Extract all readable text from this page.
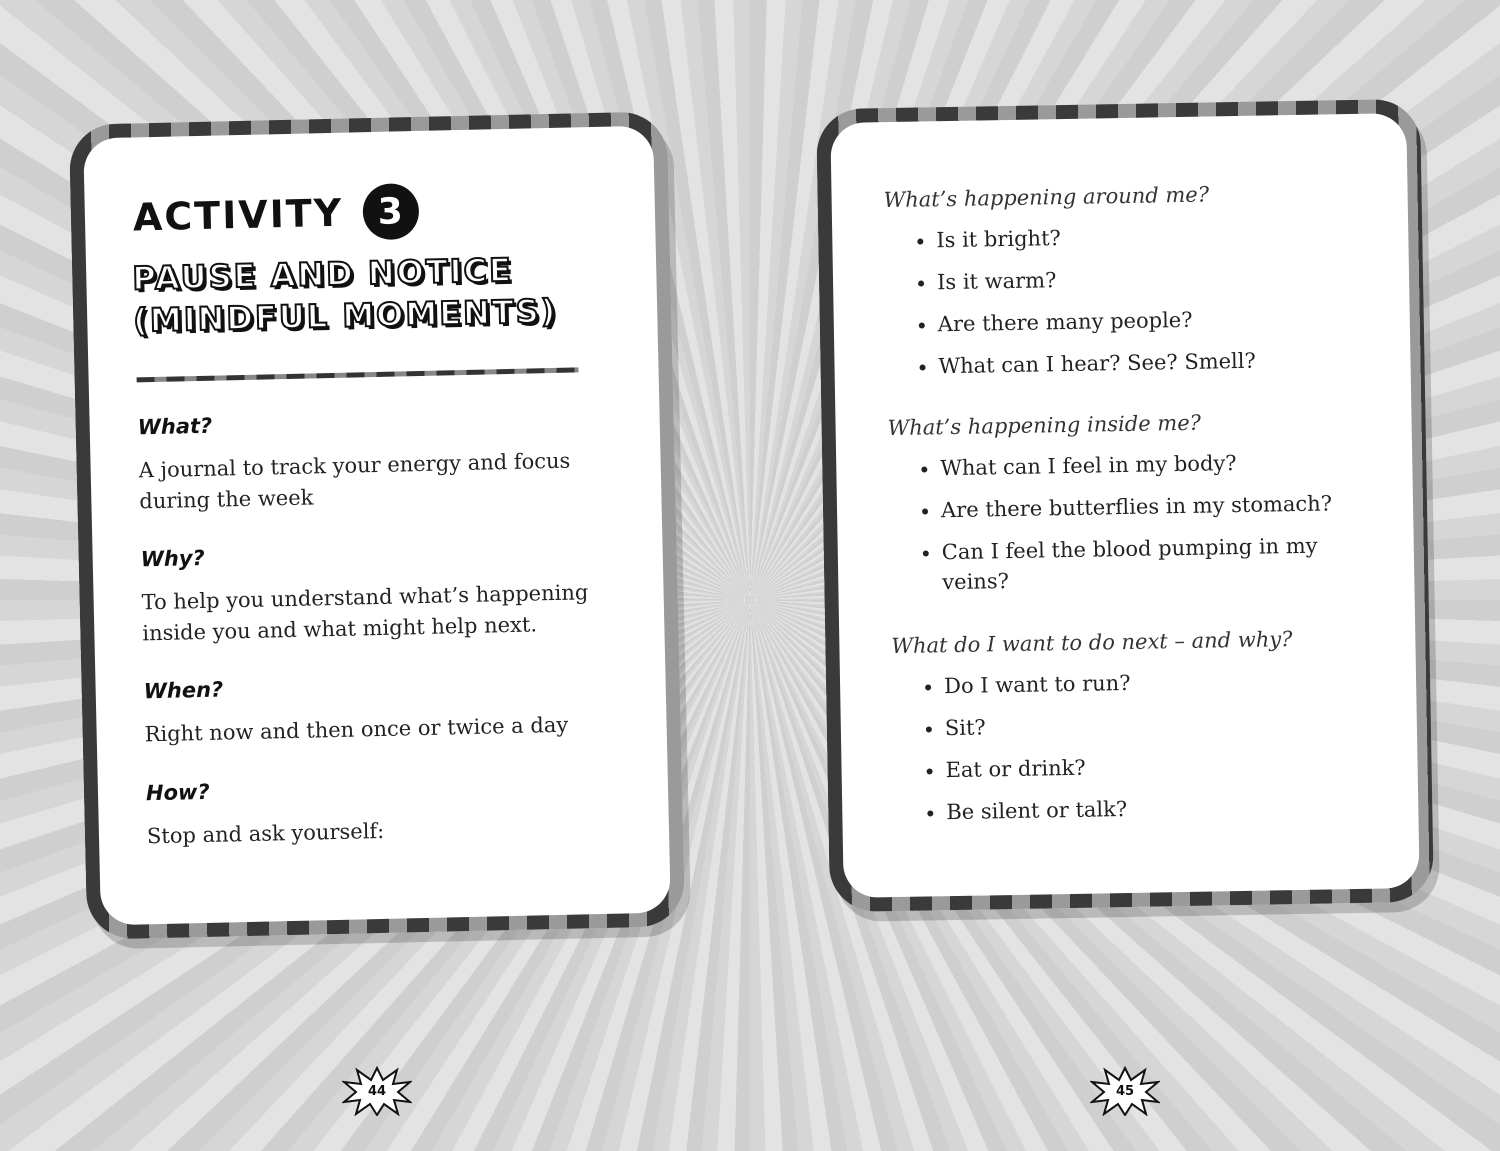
ACTIVITY 3
PAUSE AND NOTICE (MINDFUL MOMENTS)
What?

A journal to track your energy and focus during the week

Why?

To help you understand what’s happening inside you and what might help next.

When?

Right now and then once or twice a day

How?

Stop and ask yourself:

What’s happening around me?

• Is it bright?
• Is it warm?
• Are there many people?
• What can I hear? See? Smell?

What’s happening inside me?

• What can I feel in my body?
• Are there butterflies in my stomach?
• Can I feel the blood pumping in my veins?

What do I want to do next – and why?

• Do I want to run?
• Sit?
• Eat or drink?
• Be silent or talk?
44	45
